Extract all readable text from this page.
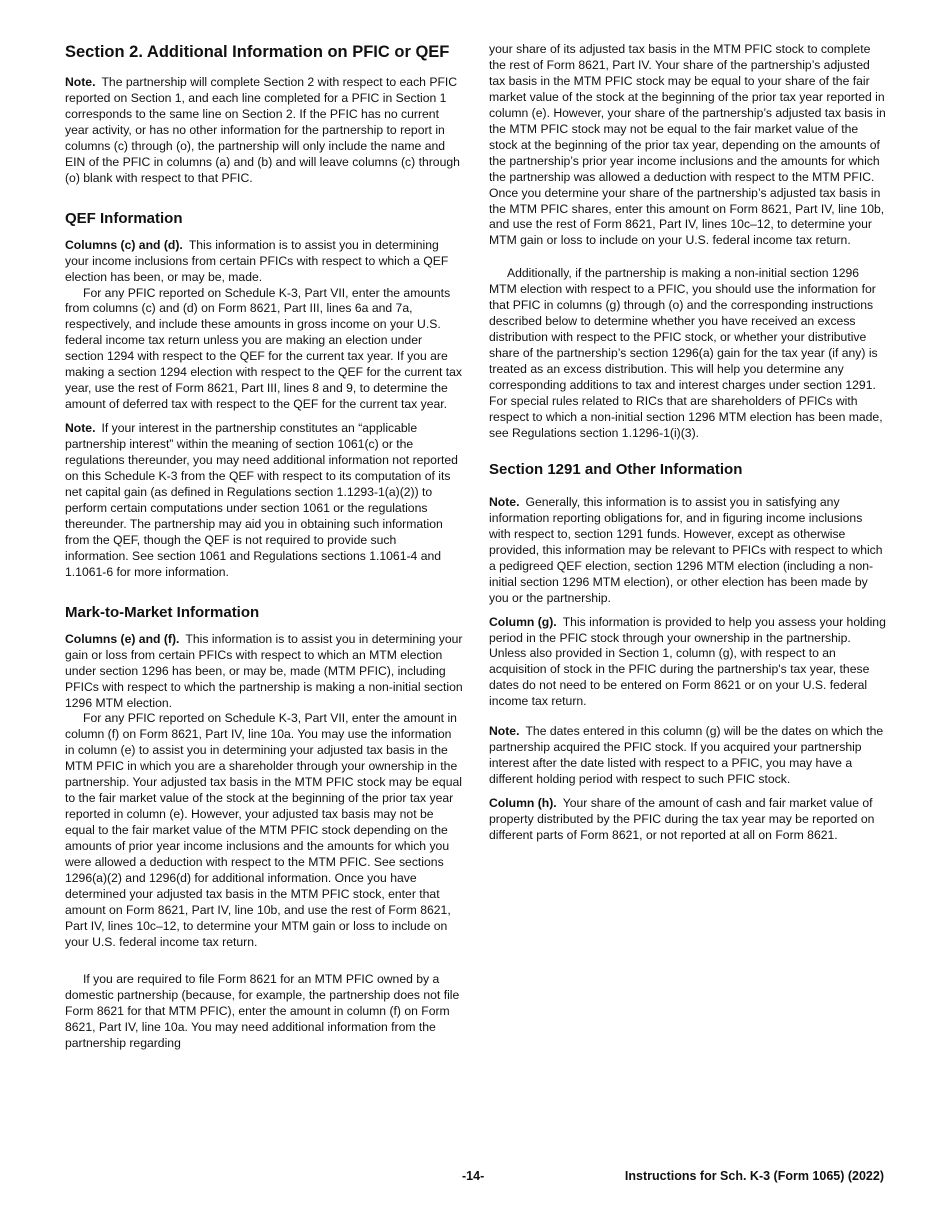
Section 2. Additional Information on PFIC or QEF

Note. The partnership will complete Section 2 with respect to each PFIC reported on Section 1, and each line completed for a PFIC in Section 1 corresponds to the same line on Section 2. If the PFIC has no current year activity, or has no other information for the partnership to report in columns (c) through (o), the partnership will only include the name and EIN of the PFIC in columns (a) and (b) and will leave columns (c) through (o) blank with respect to that PFIC.

QEF Information

Columns (c) and (d). This information is to assist you in determining your income inclusions from certain PFICs with respect to which a QEF election has been, or may be, made.

For any PFIC reported on Schedule K-3, Part VII, enter the amounts from columns (c) and (d) on Form 8621, Part III, lines 6a and 7a, respectively, and include these amounts in gross income on your U.S. federal income tax return unless you are making an election under section 1294 with respect to the QEF for the current tax year. If you are making a section 1294 election with respect to the QEF for the current tax year, use the rest of Form 8621, Part III, lines 8 and 9, to determine the amount of deferred tax with respect to the QEF for the current tax year.

Note. If your interest in the partnership constitutes an “applicable partnership interest” within the meaning of section 1061(c) or the regulations thereunder, you may need additional information not reported on this Schedule K-3 from the QEF with respect to its computation of its net capital gain (as defined in Regulations section 1.1293-1(a)(2)) to perform certain computations under section 1061 or the regulations thereunder. The partnership may aid you in obtaining such information from the QEF, though the QEF is not required to provide such information. See section 1061 and Regulations sections 1.1061-4 and 1.1061-6 for more information.

Mark-to-Market Information

Columns (e) and (f). This information is to assist you in determining your gain or loss from certain PFICs with respect to which an MTM election under section 1296 has been, or may be, made (MTM PFIC), including PFICs with respect to which the partnership is making a non-initial section 1296 MTM election.

For any PFIC reported on Schedule K-3, Part VII, enter the amount in column (f) on Form 8621, Part IV, line 10a. You may use the information in column (e) to assist you in determining your adjusted tax basis in the MTM PFIC in which you are a shareholder through your ownership in the partnership. Your adjusted tax basis in the MTM PFIC stock may be equal to the fair market value of the stock at the beginning of the prior tax year reported in column (e). However, your adjusted tax basis may not be equal to the fair market value of the MTM PFIC stock depending on the amounts of prior year income inclusions and the amounts for which you were allowed a deduction with respect to the MTM PFIC. See sections 1296(a)(2) and 1296(d) for additional information. Once you have determined your adjusted tax basis in the MTM PFIC stock, enter that amount on Form 8621, Part IV, line 10b, and use the rest of Form 8621, Part IV, lines 10c–12, to determine your MTM gain or loss to include on your U.S. federal income tax return.

If you are required to file Form 8621 for an MTM PFIC owned by a domestic partnership (because, for example, the partnership does not file Form 8621 for that MTM PFIC), enter the amount in column (f) on Form 8621, Part IV, line 10a. You may need additional information from the partnership regarding

your share of its adjusted tax basis in the MTM PFIC stock to complete the rest of Form 8621, Part IV. Your share of the partnership’s adjusted tax basis in the MTM PFIC stock may be equal to your share of the fair market value of the stock at the beginning of the prior tax year reported in column (e). However, your share of the partnership’s adjusted tax basis in the MTM PFIC stock may not be equal to the fair market value of the stock at the beginning of the prior tax year, depending on the amounts of the partnership’s prior year income inclusions and the amounts for which the partnership was allowed a deduction with respect to the MTM PFIC. Once you determine your share of the partnership’s adjusted tax basis in the MTM PFIC shares, enter this amount on Form 8621, Part IV, line 10b, and use the rest of Form 8621, Part IV, lines 10c–12, to determine your MTM gain or loss to include on your U.S. federal income tax return.

Additionally, if the partnership is making a non-initial section 1296 MTM election with respect to a PFIC, you should use the information for that PFIC in columns (g) through (o) and the corresponding instructions described below to determine whether you have received an excess distribution with respect to the PFIC stock, or whether your distributive share of the partnership’s section 1296(a) gain for the tax year (if any) is treated as an excess distribution. This will help you determine any corresponding additions to tax and interest charges under section 1291. For special rules related to RICs that are shareholders of PFICs with respect to which a non-initial section 1296 MTM election has been made, see Regulations section 1.1296-1(i)(3).

Section 1291 and Other Information

Note. Generally, this information is to assist you in satisfying any information reporting obligations for, and in figuring income inclusions with respect to, section 1291 funds. However, except as otherwise provided, this information may be relevant to PFICs with respect to which a pedigreed QEF election, section 1296 MTM election (including a non-initial section 1296 MTM election), or other election has been made by you or the partnership.

Column (g). This information is provided to help you assess your holding period in the PFIC stock through your ownership in the partnership. Unless also provided in Section 1, column (g), with respect to an acquisition of stock in the PFIC during the partnership's tax year, these dates do not need to be entered on Form 8621 or on your U.S. federal income tax return.

Note. The dates entered in this column (g) will be the dates on which the partnership acquired the PFIC stock. If you acquired your partnership interest after the date listed with respect to a PFIC, you may have a different holding period with respect to such PFIC stock.

Column (h). Your share of the amount of cash and fair market value of property distributed by the PFIC during the tax year may be reported on different parts of Form 8621, or not reported at all on Form 8621.

-14-	Instructions for Sch. K-3 (Form 1065) (2022)
